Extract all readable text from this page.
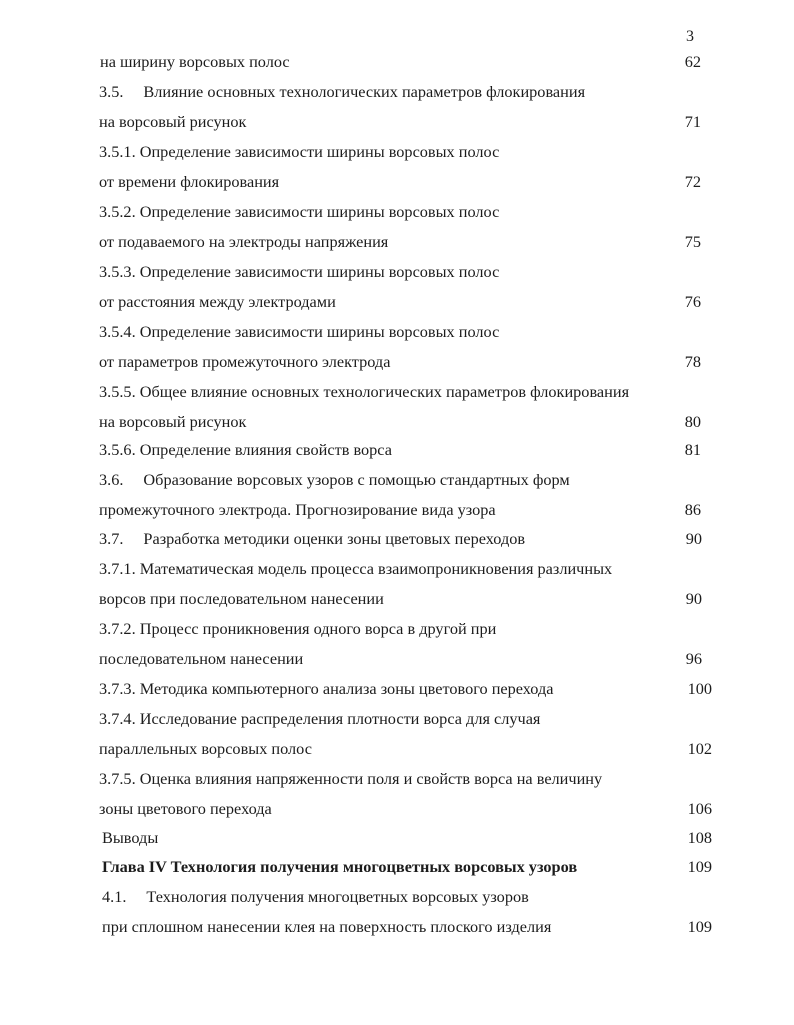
3
на ширину ворсовых полос	62
3.5. Влияние основных технологических параметров флокирования
на ворсовый рисунок	71
3.5.1. Определение зависимости ширины ворсовых полос
от времени флокирования	72
3.5.2. Определение зависимости ширины ворсовых полос
от подаваемого на электроды напряжения	75
3.5.3. Определение зависимости ширины ворсовых полос
от расстояния между электродами	76
3.5.4. Определение зависимости ширины ворсовых полос
от параметров промежуточного электрода	78
3.5.5. Общее влияние основных технологических параметров флокирования
на ворсовый рисунок	80
3.5.6. Определение влияния свойств ворса	81
3.6. Образование ворсовых узоров с помощью стандартных форм
промежуточного электрода. Прогнозирование вида узора	86
3.7. Разработка методики оценки зоны цветовых переходов	90
3.7.1. Математическая модель процесса взаимопроникновения различных
ворсов при последовательном нанесении	90
3.7.2. Процесс проникновения одного ворса в другой при
последовательном нанесении	96
3.7.3. Методика компьютерного анализа зоны цветового перехода	100
3.7.4. Исследование распределения плотности ворса для случая
параллельных ворсовых полос	102
3.7.5. Оценка влияния напряженности поля и свойств ворса на величину
зоны цветового перехода	106
Выводы	108
Глава IV Технология получения многоцветных ворсовых узоров	109
4.1. Технология получения многоцветных ворсовых узоров
при сплошном нанесении клея на поверхность плоского изделия	109
